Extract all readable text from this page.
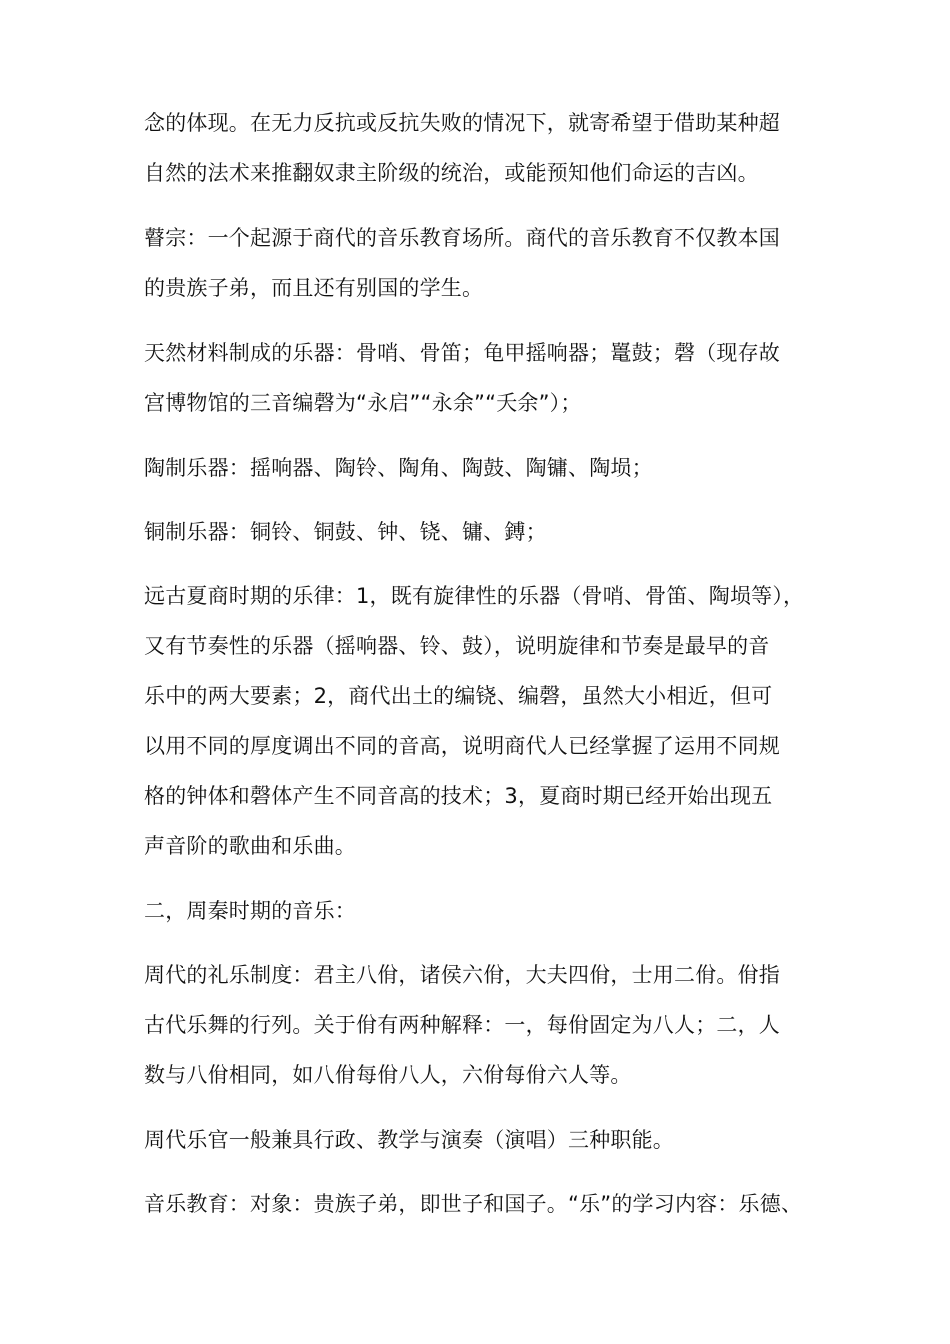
念的体现。在无力反抗或反抗失败的情况下，就寄希望于借助某种超
自然的法术来推翻奴隶主阶级的统治，或能预知他们命运的吉凶。

瞽宗：一个起源于商代的音乐教育场所。商代的音乐教育不仅教本国
的贵族子弟，而且还有别国的学生。

天然材料制成的乐器：骨哨、骨笛；龟甲摇响器；鼍鼓；磬（现存故
宫博物馆的三音编磬为“永启”“永余”“夭余”）；

陶制乐器：摇响器、陶铃、陶角、陶鼓、陶镛、陶埙；

铜制乐器：铜铃、铜鼓、钟、铙、镛、鎛；

远古夏商时期的乐律：1，既有旋律性的乐器（骨哨、骨笛、陶埙等），
又有节奏性的乐器（摇响器、铃、鼓），说明旋律和节奏是最早的音
乐中的两大要素；2，商代出土的编铙、编磬，虽然大小相近，但可
以用不同的厚度调出不同的音高，说明商代人已经掌握了运用不同规
格的钟体和磬体产生不同音高的技术；3，夏商时期已经开始出现五
声音阶的歌曲和乐曲。

二，周秦时期的音乐：

周代的礼乐制度：君主八佾，诸侯六佾，大夫四佾，士用二佾。佾指
古代乐舞的行列。关于佾有两种解释：一，每佾固定为八人；二，人
数与八佾相同，如八佾每佾八人，六佾每佾六人等。

周代乐官一般兼具行政、教学与演奏（演唱）三种职能。

音乐教育：对象：贵族子弟，即世子和国子。“乐”的学习内容：乐德、
